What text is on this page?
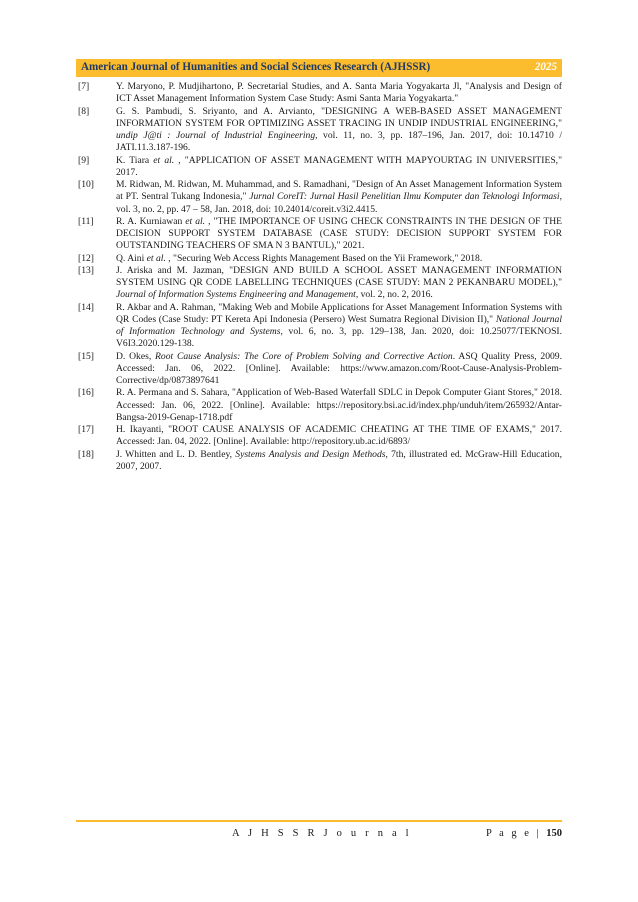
American Journal of Humanities and Social Sciences Research (AJHSSR)	2025
[7]	Y. Maryono, P. Mudjihartono, P. Secretarial Studies, and A. Santa Maria Yogyakarta Jl, "Analysis and Design of ICT Asset Management Information System Case Study: Asmi Santa Maria Yogyakarta."
[8]	G. S. Pambudi, S. Sriyanto, and A. Arvianto, "DESIGNING A WEB-BASED ASSET MANAGEMENT INFORMATION SYSTEM FOR OPTIMIZING ASSET TRACING IN UNDIP INDUSTRIAL ENGINEERING," undip J@ti : Journal of Industrial Engineering, vol. 11, no. 3, pp. 187–196, Jan. 2017, doi: 10.14710 / JATI.11.3.187-196.
[9]	K. Tiara et al. , "APPLICATION OF ASSET MANAGEMENT WITH MAPYOURTAG IN UNIVERSITIES," 2017.
[10] M. Ridwan, M. Ridwan, M. Muhammad, and S. Ramadhani, "Design of An Asset Management Information System at PT. Sentral Tukang Indonesia," Jurnal CoreIT: Jurnal Hasil Penelitian Ilmu Komputer dan Teknologi Informasi, vol. 3, no. 2, pp. 47 – 58, Jan. 2018, doi: 10.24014/coreit.v3i2.4415.
[11] R. A. Kurniawan et al. , "THE IMPORTANCE OF USING CHECK CONSTRAINTS IN THE DESIGN OF THE DECISION SUPPORT SYSTEM DATABASE (CASE STUDY: DECISION SUPPORT SYSTEM FOR OUTSTANDING TEACHERS OF SMA N 3 BANTUL)," 2021.
[12] Q. Aini et al. , "Securing Web Access Rights Management Based on the Yii Framework," 2018.
[13] J. Ariska and M. Jazman, "DESIGN AND BUILD A SCHOOL ASSET MANAGEMENT INFORMATION SYSTEM USING QR CODE LABELLING TECHNIQUES (CASE STUDY: MAN 2 PEKANBARU MODEL)," Journal of Information Systems Engineering and Management, vol. 2, no. 2, 2016.
[14] R. Akbar and A. Rahman, "Making Web and Mobile Applications for Asset Management Information Systems with QR Codes (Case Study: PT Kereta Api Indonesia (Persero) West Sumatra Regional Division II)," National Journal of Information Technology and Systems, vol. 6, no. 3, pp. 129–138, Jan. 2020, doi: 10.25077/TEKNOSI. V6I3.2020.129-138.
[15] D. Okes, Root Cause Analysis: The Core of Problem Solving and Corrective Action. ASQ Quality Press, 2009. Accessed: Jan. 06, 2022. [Online]. Available: https://www.amazon.com/Root-Cause-Analysis-Problem-Corrective/dp/0873897641
[16] R. A. Permana and S. Sahara, "Application of Web-Based Waterfall SDLC in Depok Computer Giant Stores," 2018. Accessed: Jan. 06, 2022. [Online]. Available: https://repository.bsi.ac.id/index.php/unduh/item/265932/Antar-Bangsa-2019-Genap-1718.pdf
[17] H. Ikayanti, "ROOT CAUSE ANALYSIS OF ACADEMIC CHEATING AT THE TIME OF EXAMS," 2017. Accessed: Jan. 04, 2022. [Online]. Available: http://repository.ub.ac.id/6893/
[18] J. Whitten and L. D. Bentley, Systems Analysis and Design Methods, 7th, illustrated ed. McGraw-Hill Education, 2007, 2007.
A J H S S R J o u r n a l	P a g e | 150
